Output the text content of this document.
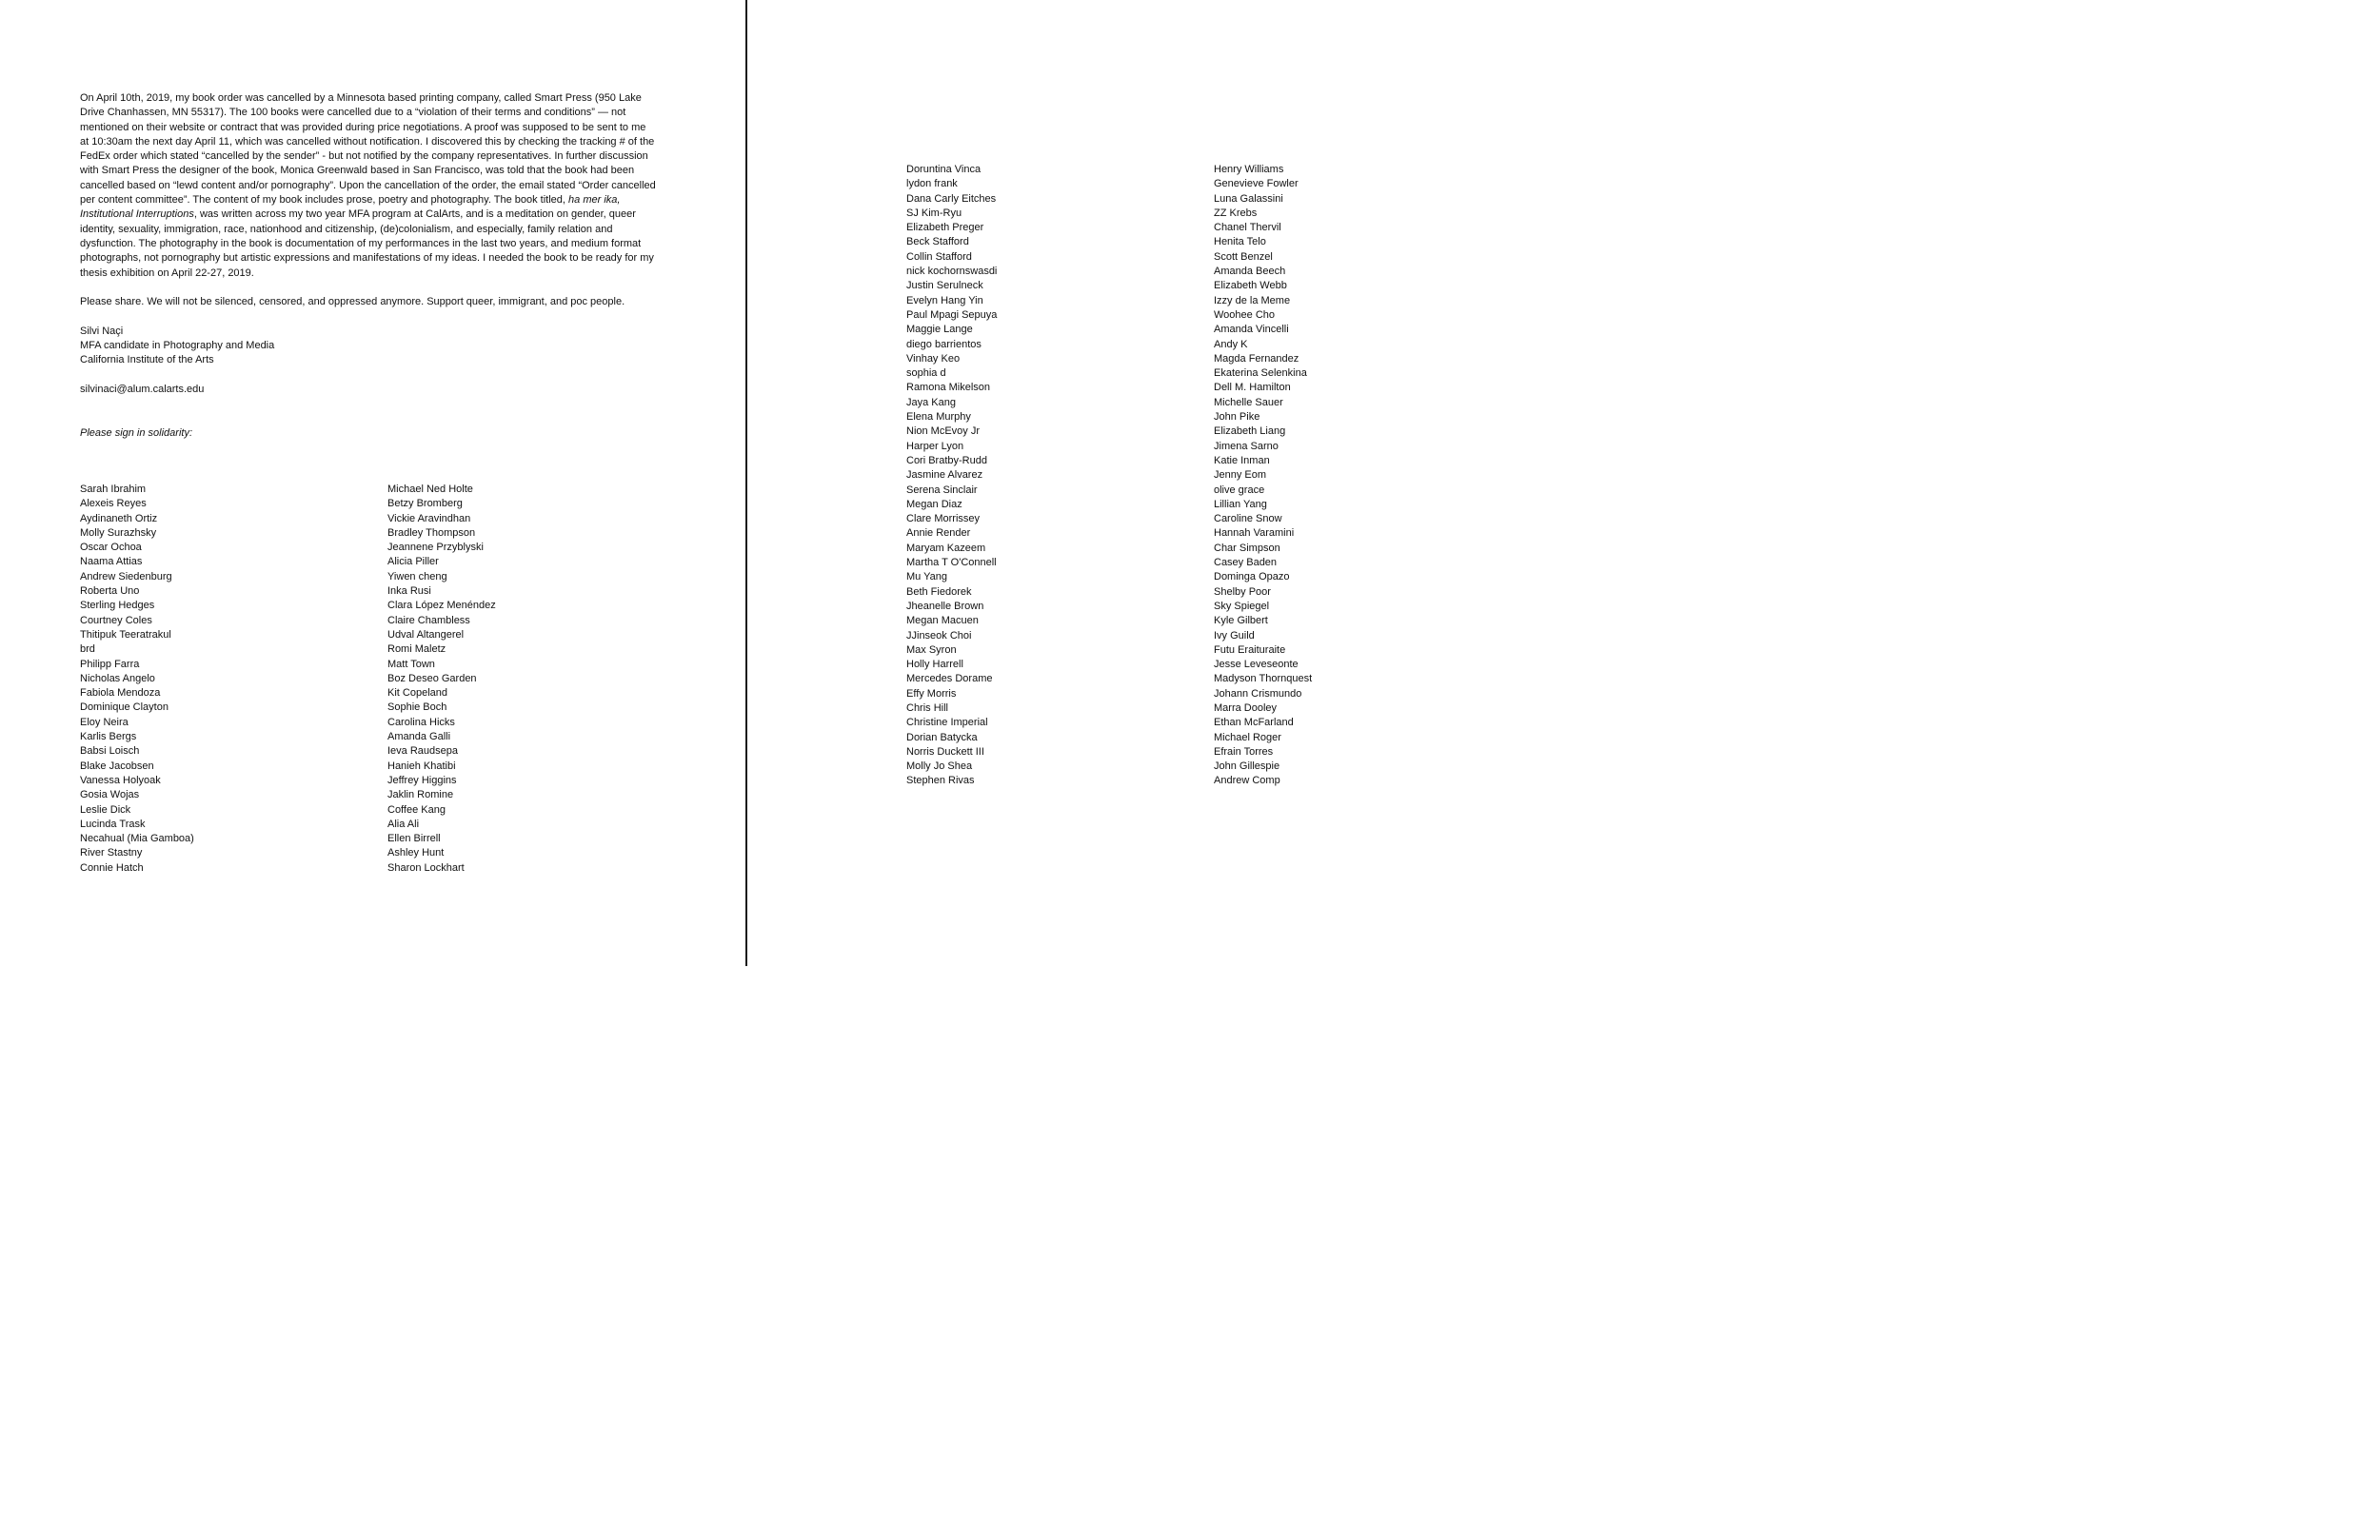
On April 10th, 2019, my book order was cancelled by a Minnesota based printing company, called Smart Press (950 Lake Drive Chanhassen, MN 55317). The 100 books were cancelled due to a “violation of their terms and conditions” — not mentioned on their website or contract that was provided during price negotiations. A proof was supposed to be sent to me at 10:30am the next day April 11, which was cancelled without notification. I discovered this by checking the tracking # of the FedEx order which stated “cancelled by the sender” - but not notified by the company representatives. In further discussion with Smart Press the designer of the book, Monica Greenwald based in San Francisco, was told that the book had been cancelled based on “lewd content and/or pornography”. Upon the cancellation of the order, the email stated “Order cancelled per content committee”. The content of my book includes prose, poetry and photography. The book titled, ha mer ika, Institutional Interruptions, was written across my two year MFA program at CalArts, and is a meditation on gender, queer identity, sexuality, immigration, race, nationhood and citizenship, (de)colonialism, and especially, family relation and dysfunction. The photography in the book is documentation of my performances in the last two years, and medium format photographs, not pornography but artistic expressions and manifestations of my ideas. I needed the book to be ready for my thesis exhibition on April 22-27, 2019.

Please share. We will not be silenced, censored, and oppressed anymore. Support queer, immigrant, and poc people.

Silvi Naçi

MFA candidate in Photography and Media

California Institute of the Arts

silvinaci@alum.calarts.edu

Please sign in solidarity:

Sarah Ibrahim
Alexeis Reyes
Aydinaneth Ortiz
Molly Surazhsky
Oscar Ochoa
Naama Attias
Andrew Siedenburg
Roberta Uno
Sterling Hedges
Courtney Coles
Thitipuk Teeratrakul
brd
Philipp Farra
Nicholas Angelo
Fabiola Mendoza
Dominique Clayton
Eloy Neira
Karlis Bergs
Babsi Loisch
Blake Jacobsen
Vanessa Holyoak
Gosia Wojas
Leslie Dick
Lucinda Trask
Necahual (Mia Gamboa)
River Stastny
Connie Hatch
Michael Ned Holte
Betzy Bromberg
Vickie Aravindhan
Bradley Thompson
Jeannene Przyblyski
Alicia Piller
Yiwen cheng
Inka Rusi
Clara López Menéndez
Claire Chambless
Udval Altangerel
Romi Maletz
Matt Town
Boz Deseo Garden
Kit Copeland
Sophie Boch
Carolina Hicks
Amanda Galli
Ieva Raudsepa
Hanieh Khatibi
Jeffrey Higgins
Jaklin Romine
Coffee Kang
Alia Ali
Ellen Birrell
Ashley Hunt
Sharon Lockhart
Doruntina Vinca
lydon frank
Dana Carly Eitches
SJ Kim-Ryu
Elizabeth Preger
Beck Stafford
Collin Stafford
nick kochornswasdi
Justin Serulneck
Evelyn Hang Yin
Paul Mpagi Sepuya
Maggie Lange
diego barrientos
Vinhay Keo
sophia d
Ramona Mikelson
Jaya Kang
Elena Murphy
Nion McEvoy Jr
Harper Lyon
Cori Bratby-Rudd
Jasmine Alvarez
Serena Sinclair
Megan Diaz
Clare Morrissey
Annie Render
Maryam Kazeem
Martha T O'Connell
Mu Yang
Beth Fiedorek
Jheanelle Brown
Megan Macuen
JJinseok Choi
Max Syron
Holly Harrell
Mercedes Dorame
Effy Morris
Chris Hill
Christine Imperial
Dorian Batycka
Norris Duckett III
Molly Jo Shea
Stephen Rivas
Henry Williams
Genevieve Fowler
Luna Galassini
ZZ Krebs
Chanel Thervil
Henita Telo
Scott Benzel
Amanda Beech
Elizabeth Webb
Izzy de la Meme
Woohee Cho
Amanda Vincelli
Andy K
Magda Fernandez
Ekaterina Selenkina
Dell M. Hamilton
Michelle Sauer
John Pike
Elizabeth Liang
Jimena Sarno
Katie Inman
Jenny Eom
olive grace
Lillian Yang
Caroline Snow
Hannah Varamini
Char Simpson
Casey Baden
Dominga Opazo
Shelby Poor
Sky Spiegel
Kyle Gilbert
Ivy Guild
Futu Eraituraite
Jesse Leveseonte
Madyson Thornquest
Johann Crismundo
Marra Dooley
Ethan McFarland
Michael Roger
Efrain Torres
John Gillespie
Andrew Comp
